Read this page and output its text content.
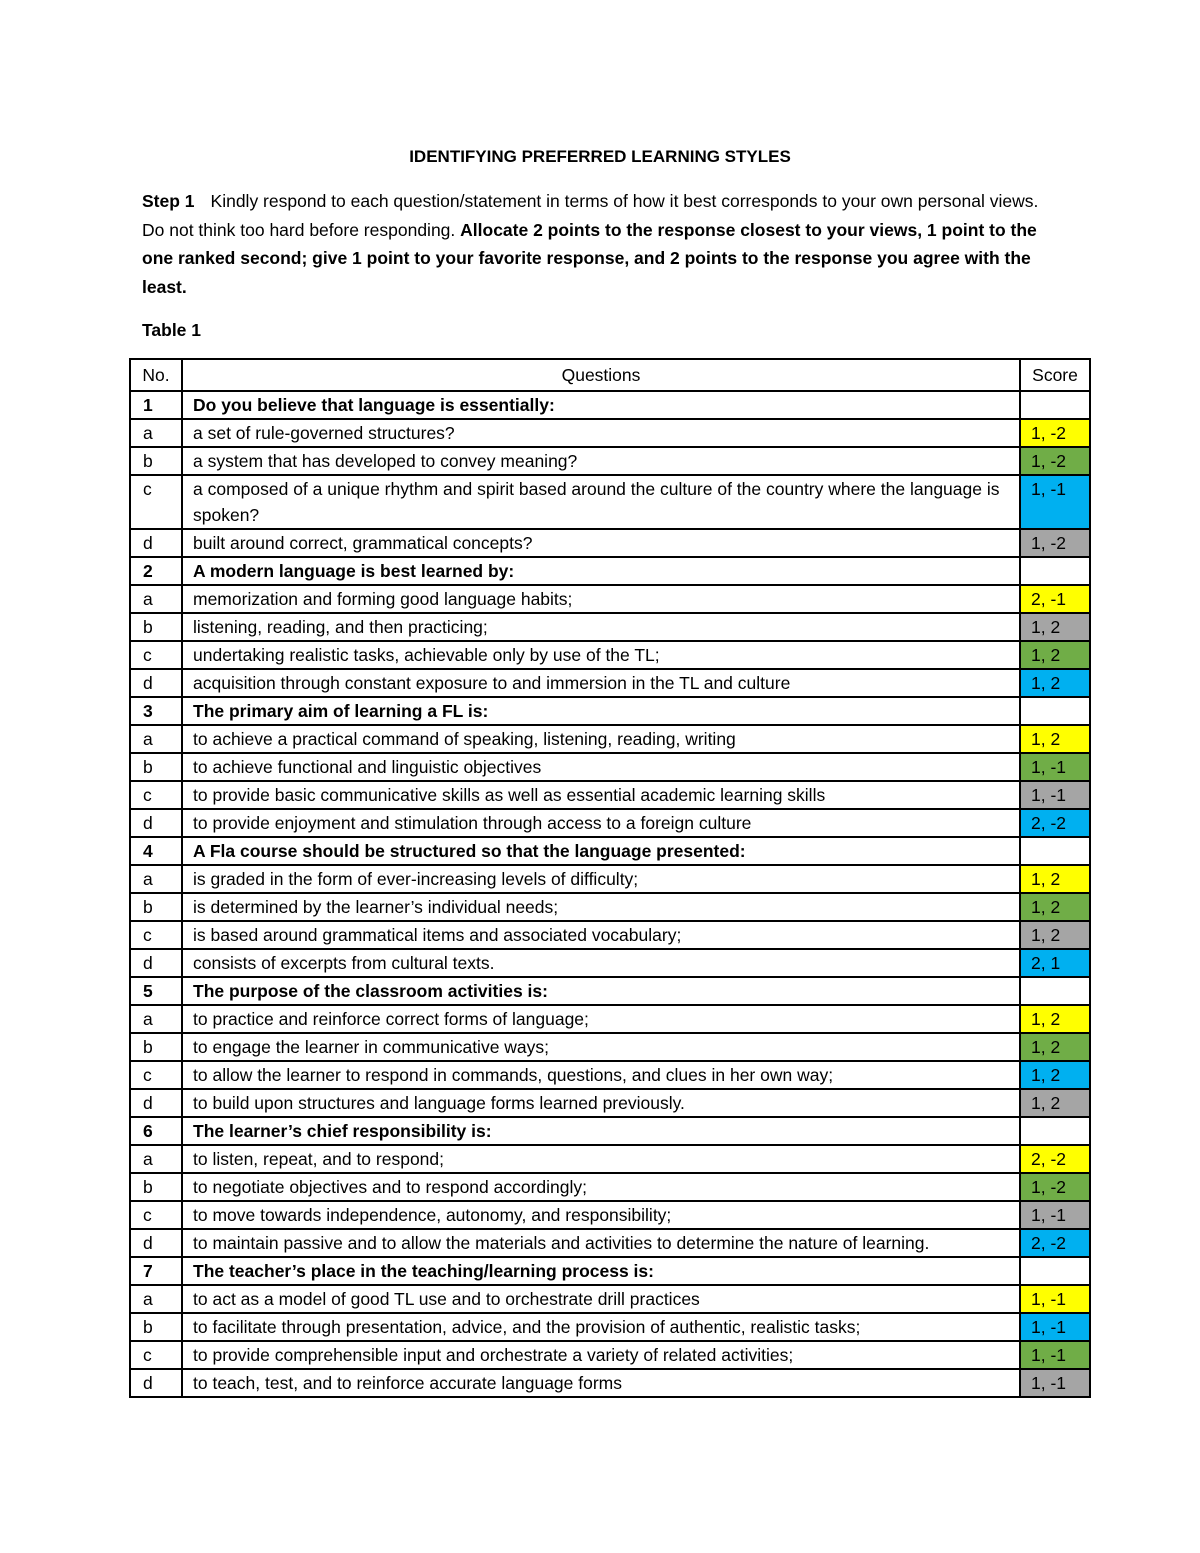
IDENTIFYING PREFERRED LEARNING STYLES
Step 1 Kindly respond to each question/statement in terms of how it best corresponds to your own personal views. Do not think too hard before responding. Allocate 2 points to the response closest to your views, 1 point to the one ranked second; give 1 point to your favorite response, and 2 points to the response you agree with the least.
Table 1
No.	Questions	Score
1	Do you believe that language is essentially:	
a	a set of rule-governed structures?	1, -2
b	a system that has developed to convey meaning?	1, -2
c	a composed of a unique rhythm and spirit based around the culture of the country where the language is spoken?	1, -1
d	built around correct, grammatical concepts?	1, -2
2	A modern language is best learned by:	
a	memorization and forming good language habits;	2, -1
b	listening, reading, and then practicing;	1, 2
c	undertaking realistic tasks, achievable only by use of the TL;	1, 2
d	acquisition through constant exposure to and immersion in the TL and culture	1, 2
3	The primary aim of learning a FL is:	
a	to achieve a practical command of speaking, listening, reading, writing	1, 2
b	to achieve functional and linguistic objectives	1, -1
c	to provide basic communicative skills as well as essential academic learning skills	1, -1
d	to provide enjoyment and stimulation through access to a foreign culture	2, -2
4	A Fla course should be structured so that the language presented:	
a	is graded in the form of ever-increasing levels of difficulty;	1, 2
b	is determined by the learner’s individual needs;	1, 2
c	is based around grammatical items and associated vocabulary;	1, 2
d	consists of excerpts from cultural texts.	2, 1
5	The purpose of the classroom activities is:	
a	to practice and reinforce correct forms of language;	1, 2
b	to engage the learner in communicative ways;	1, 2
c	to allow the learner to respond in commands, questions, and clues in her own way;	1, 2
d	to build upon structures and language forms learned previously.	1, 2
6	The learner’s chief responsibility is:	
a	to listen, repeat, and to respond;	2, -2
b	to negotiate objectives and to respond accordingly;	1, -2
c	to move towards independence, autonomy, and responsibility;	1, -1
d	to maintain passive and to allow the materials and activities to determine the nature of learning.	2, -2
7	The teacher’s place in the teaching/learning process is:	
a	to act as a model of good TL use and to orchestrate drill practices	1, -1
b	to facilitate through presentation, advice, and the provision of authentic, realistic tasks;	1, -1
c	to provide comprehensible input and orchestrate a variety of related activities;	1, -1
d	to teach, test, and to reinforce accurate language forms	1, -1
